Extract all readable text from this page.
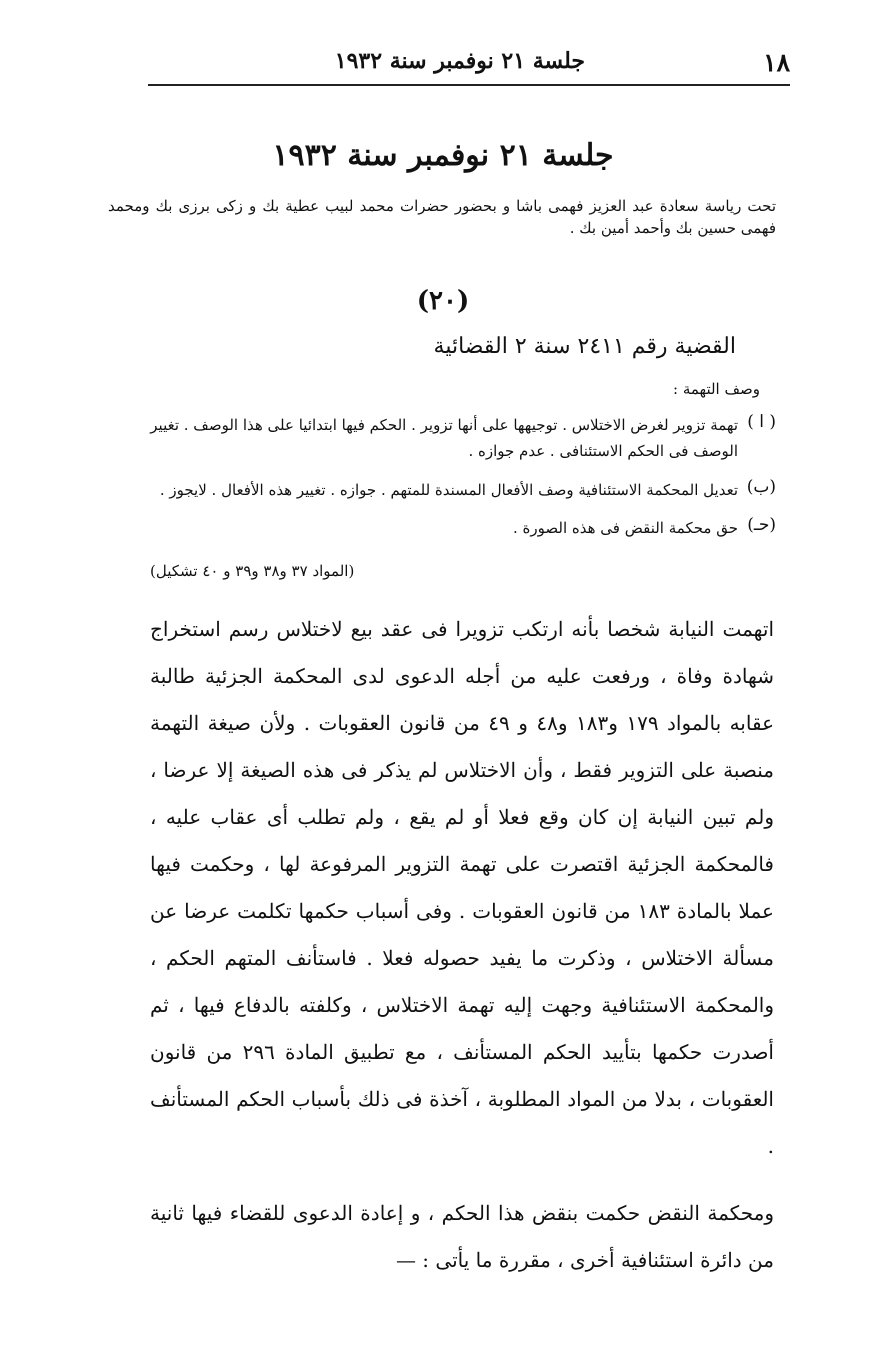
١٨
جلسة ٢١ نوفمبر سنة ١٩٣٢
جلسة ٢١ نوفمبر سنة ١٩٣٢
تحت رياسة سعادة عبد العزيز فهمى باشا و بحضور حضرات محمد لبيب عطية بك و زكى برزى بك ومحمد فهمى حسين بك وأحمد أمين بك .
(٢٠)
القضية رقم ٢٤١١ سنة ٢ القضائية
وصف التهمة :
( ا )
تهمة تزوير لغرض الاختلاس . توجيهها على أنها تزوير . الحكم فيها ابتدائيا على هذا الوصف . تغيير الوصف فى الحكم الاستئنافى . عدم جوازه .
(ب)
تعديل المحكمة الاستئنافية وصف الأفعال المسندة للمتهم . جوازه . تغيير هذه الأفعال . لايجوز .
(حـ)
حق محكمة النقض فى هذه الصورة .
(المواد ٣٧ و٣٨ و٣٩ و ٤٠ تشكيل)

اتهمت النيابة شخصا بأنه ارتكب تزويرا فى عقد بيع لاختلاس رسم استخراج شهادة وفاة ، ورفعت عليه من أجله الدعوى لدى المحكمة الجزئية طالبة عقابه بالمواد ١٧٩ و١٨٣ و٤٨ و ٤٩ من قانون العقوبات . ولأن صيغة التهمة منصبة على التزوير فقط ، وأن الاختلاس لم يذكر فى هذه الصيغة إلا عرضا ، ولم تبين النيابة إن كان وقع فعلا أو لم يقع ، ولم تطلب أى عقاب عليه ، فالمحكمة الجزئية اقتصرت على تهمة التزوير المرفوعة لها ، وحكمت فيها عملا بالمادة ١٨٣ من قانون العقوبات . وفى أسباب حكمها تكلمت عرضا عن مسألة الاختلاس ، وذكرت ما يفيد حصوله فعلا . فاستأنف المتهم الحكم ، والمحكمة الاستئنافية وجهت إليه تهمة الاختلاس ، وكلفته بالدفاع فيها ، ثم أصدرت حكمها بتأييد الحكم المستأنف ، مع تطبيق المادة ٢٩٦ من قانون العقوبات ، بدلا من المواد المطلوبة ، آخذة فى ذلك بأسباب الحكم المستأنف .

ومحكمة النقض حكمت بنقض هذا الحكم ، و إعادة الدعوى للقضاء فيها ثانية من دائرة استئنافية أخرى ، مقررة ما يأتى : —
